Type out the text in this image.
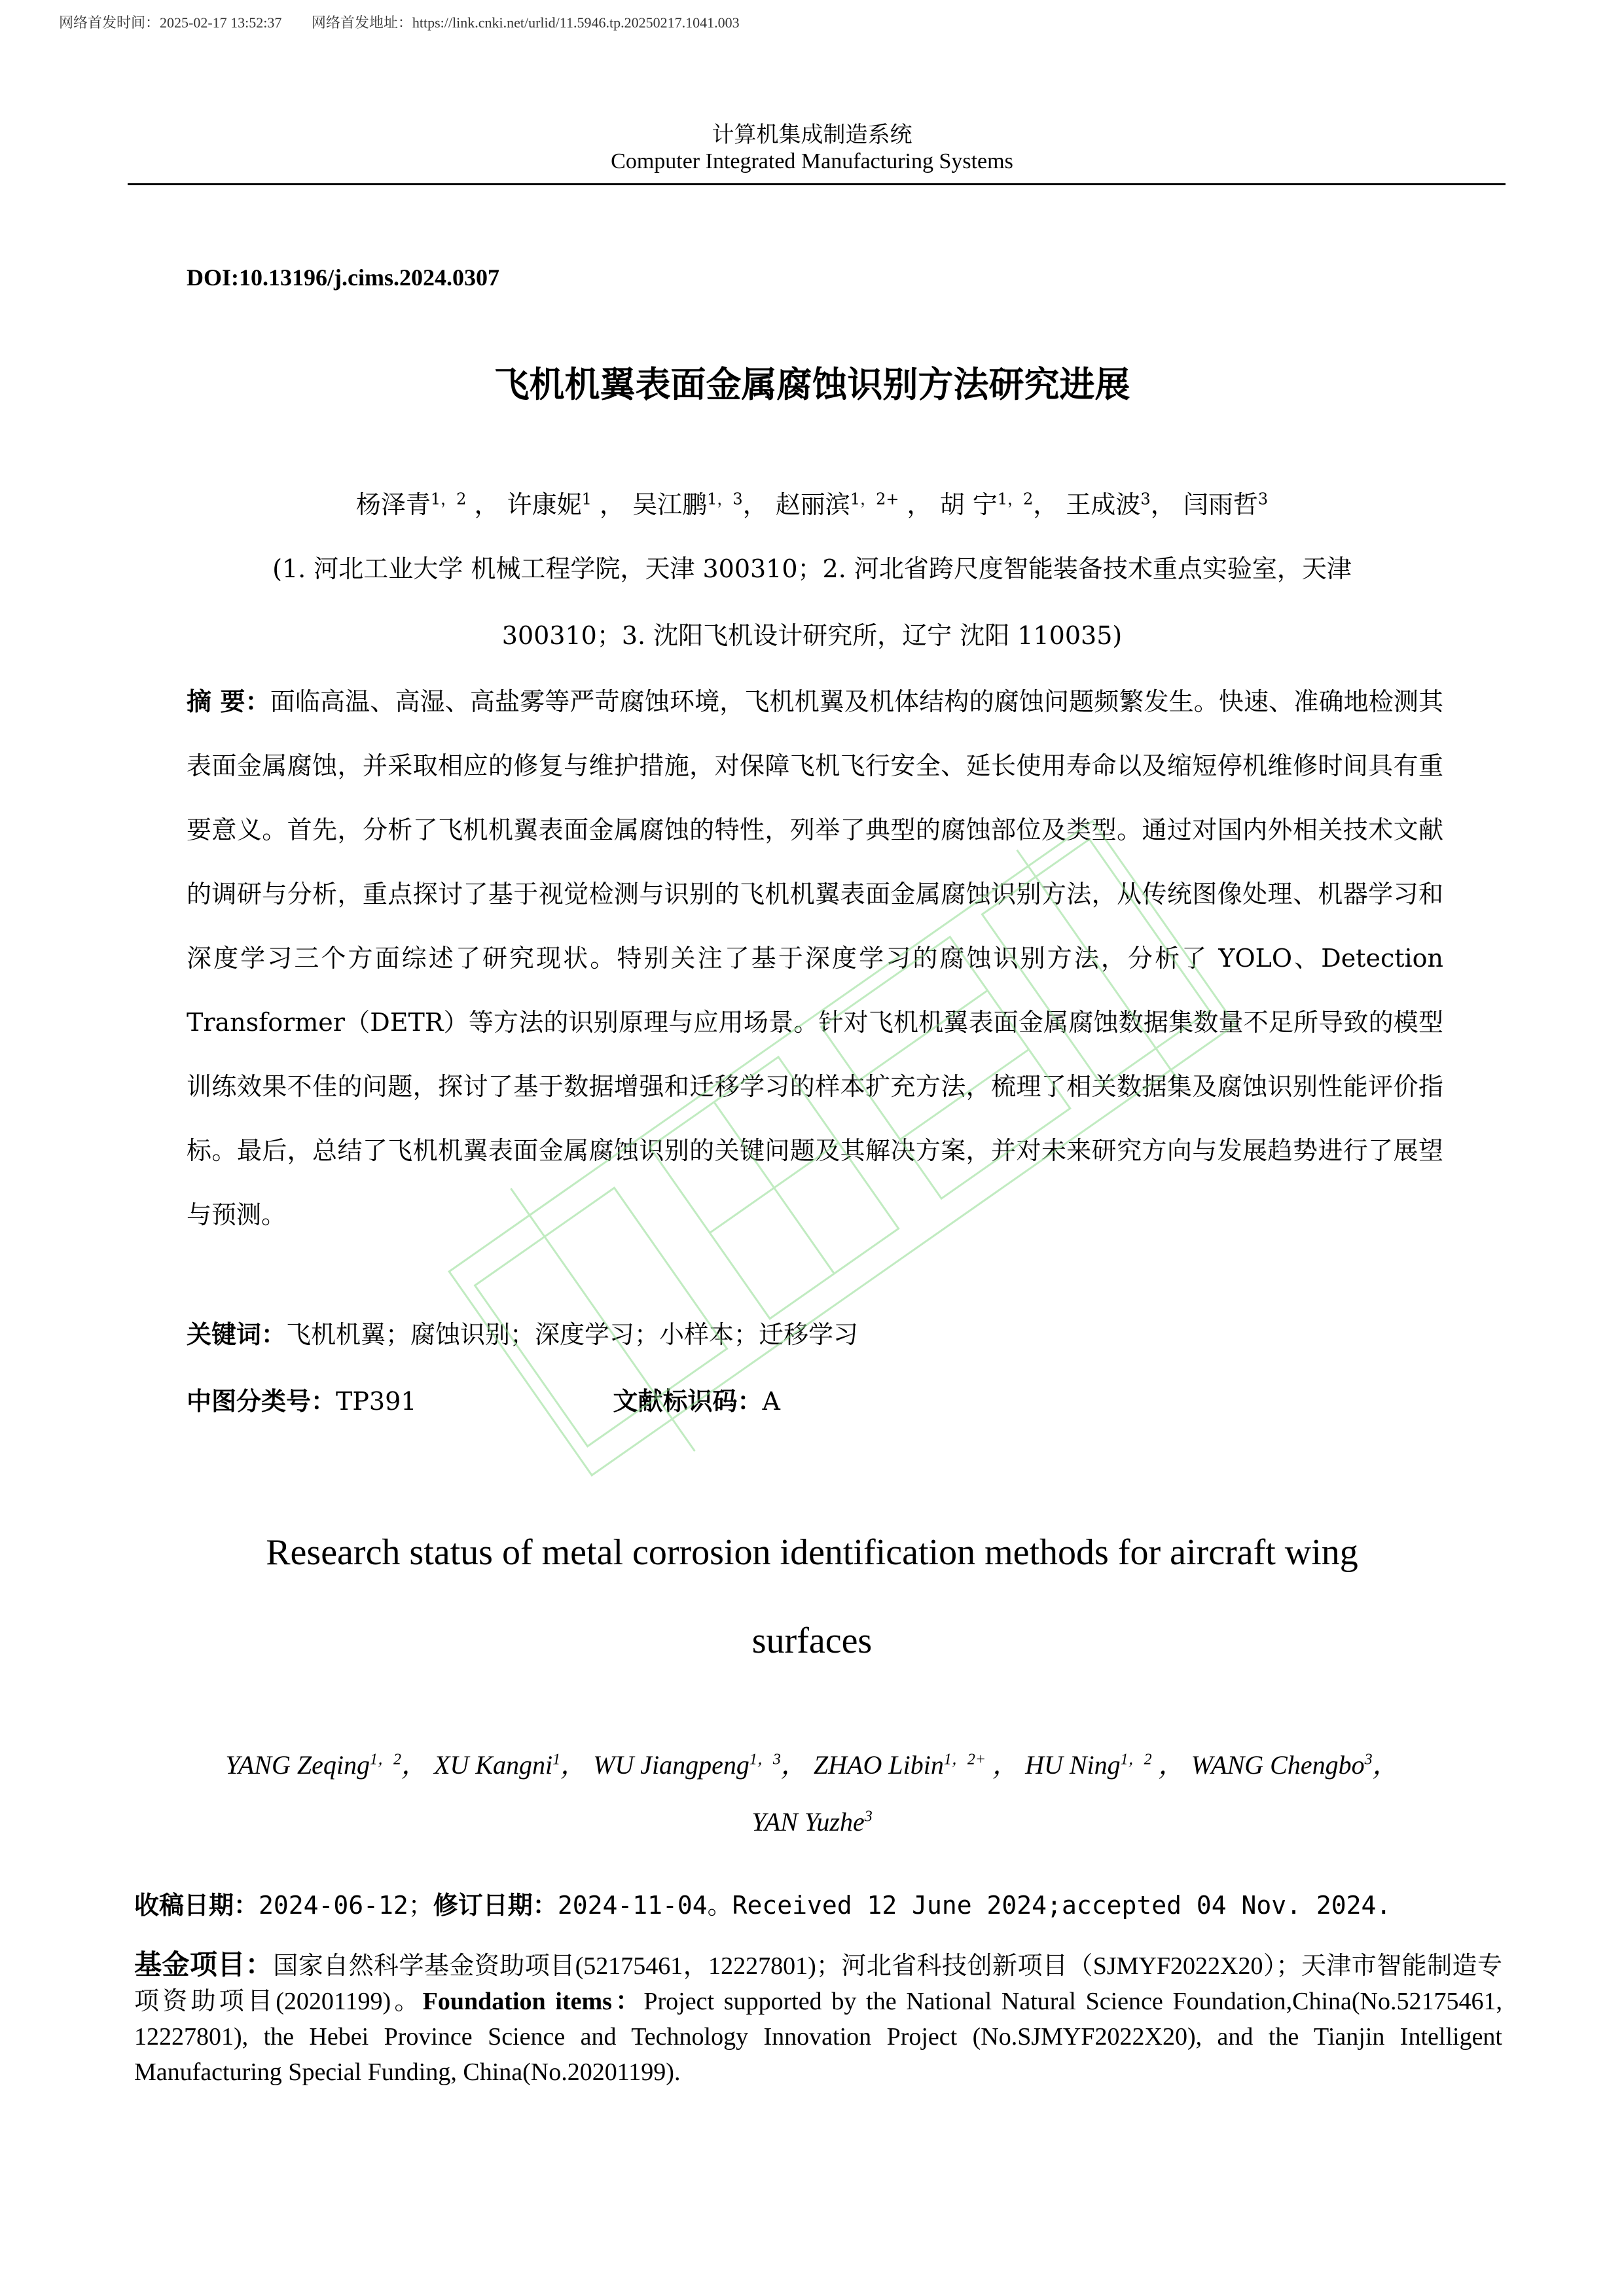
网络首发时间：2025-02-17 13:52:37 网络首发地址：https://link.cnki.net/urlid/11.5946.tp.20250217.1041.003
计算机集成制造系统
Computer Integrated Manufacturing Systems
DOI:10.13196/j.cims.2024.0307
飞机机翼表面金属腐蚀识别方法研究进展
杨泽青$^{1,2}$ ， 许康妮$^1$ ， 吴江鹏$^{1,3}$， 赵丽滨$^{1,2+}$ ， 胡 宁$^{1,2}$， 王成波$^3$， 闫雨哲$^3$
(1. 河北工业大学 机械工程学院，天津 300310；2. 河北省跨尺度智能装备技术重点实验室，天津
300310；3. 沈阳飞机设计研究所，辽宁 沈阳 110035)
摘 要：面临高温、高湿、高盐雾等严苛腐蚀环境，飞机机翼及机体结构的腐蚀问题频繁发生。快速、准确地检测其表面金属腐蚀，并采取相应的修复与维护措施，对保障飞机飞行安全、延长使用寿命以及缩短停机维修时间具有重要意义。首先，分析了飞机机翼表面金属腐蚀的特性，列举了典型的腐蚀部位及类型。通过对国内外相关技术文献的调研与分析，重点探讨了基于视觉检测与识别的飞机机翼表面金属腐蚀识别方法，从传统图像处理、机器学习和深度学习三个方面综述了研究现状。特别关注了基于深度学习的腐蚀识别方法，分析了 YOLO、Detection Transformer（DETR）等方法的识别原理与应用场景。针对飞机机翼表面金属腐蚀数据集数量不足所导致的模型训练效果不佳的问题，探讨了基于数据增强和迁移学习的样本扩充方法，梳理了相关数据集及腐蚀识别性能评价指标。最后，总结了飞机机翼表面金属腐蚀识别的关键问题及其解决方案，并对未来研究方向与发展趋势进行了展望与预测。
关键词：飞机机翼；腐蚀识别；深度学习；小样本；迁移学习
中图分类号：TP391	文献标识码：A
Research status of metal corrosion identification methods for aircraft wing
surfaces
YANG Zeqing$^{1,2}$， XU Kangni$^1$， WU Jiangpeng$^{1,3}$， ZHAO Libin$^{1,2+}$ ， HU Ning$^{1,2}$ ， WANG Chengbo$^3$，
YAN Yuzhe$^3$
收稿日期：2024-06-12；修订日期：2024-11-04。Received 12 June 2024;accepted 04 Nov. 2024.
基金项目：国家自然科学基金资助项目(52175461，12227801)；河北省科技创新项目（SJMYF2022X20）；天津市智能制造专项资助项目(20201199)。Foundation items：Project supported by the National Natural Science Foundation,China(No.52175461, 12227801), the Hebei Province Science and Technology Innovation Project (No.SJMYF2022X20), and the Tianjin Intelligent Manufacturing Special Funding, China(No.20201199).
